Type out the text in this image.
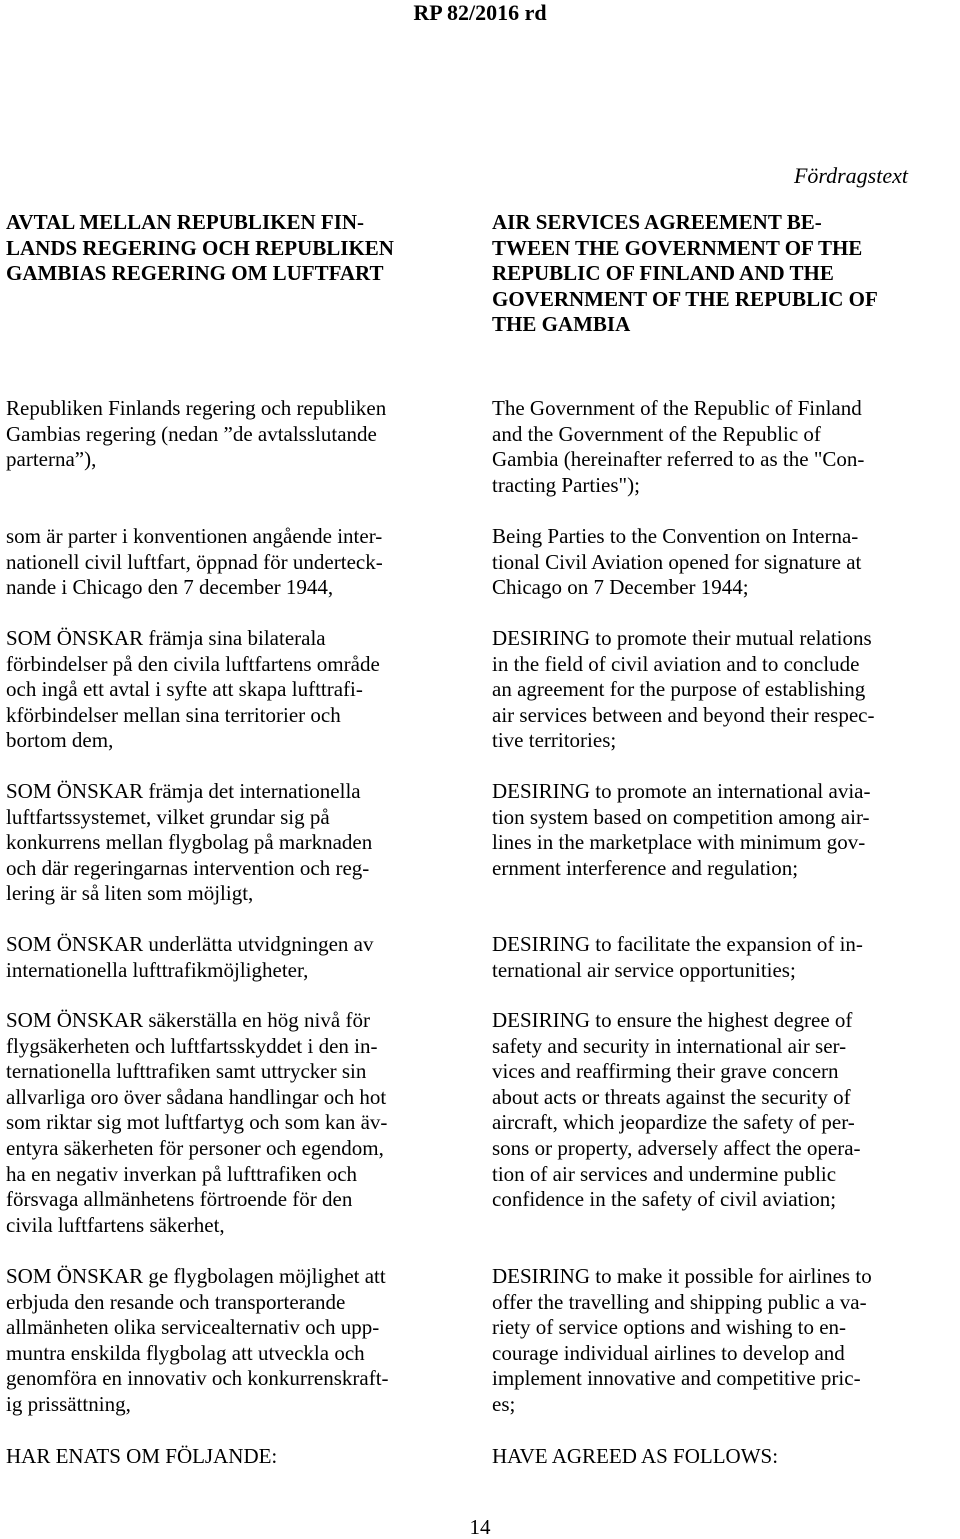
RP 82/2016 rd
Fördragstext

AVTAL MELLAN REPUBLIKEN FIN-
LANDS REGERING OCH REPUBLIKEN
GAMBIAS REGERING OM LUFTFART

Republiken Finlands regering och republiken
Gambias regering (nedan ”de avtalsslutande
parterna”),

som är parter i konventionen angående inter-
nationell civil luftfart, öppnad för underteck-
nande i Chicago den 7 december 1944,

SOM ÖNSKAR främja sina bilaterala
förbindelser på den civila luftfartens område
och ingå ett avtal i syfte att skapa lufttrafi-
kförbindelser mellan sina territorier och
bortom dem,

SOM ÖNSKAR främja det internationella
luftfartssystemet, vilket grundar sig på
konkurrens mellan flygbolag på marknaden
och där regeringarnas intervention och reg-
lering är så liten som möjligt,

SOM ÖNSKAR underlätta utvidgningen av
internationella lufttrafikmöjligheter,

SOM ÖNSKAR säkerställa en hög nivå för
flygsäkerheten och luftfartsskyddet i den in-
ternationella lufttrafiken samt uttrycker sin
allvarliga oro över sådana handlingar och hot
som riktar sig mot luftfartyg och som kan äv-
entyra säkerheten för personer och egendom,
ha en negativ inverkan på lufttrafiken och
försvaga allmänhetens förtroende för den
civila luftfartens säkerhet,

SOM ÖNSKAR ge flygbolagen möjlighet att
erbjuda den resande och transporterande
allmänheten olika servicealternativ och upp-
muntra enskilda flygbolag att utveckla och
genomföra en innovativ och konkurrenskraft-
ig prissättning,

HAR ENATS OM FÖLJANDE:

AIR SERVICES AGREEMENT BE-
TWEEN THE GOVERNMENT OF THE
REPUBLIC OF FINLAND AND THE
GOVERNMENT OF THE REPUBLIC OF
THE GAMBIA

The Government of the Republic of Finland
and the Government of the Republic of
Gambia (hereinafter referred to as the "Con-
tracting Parties");

Being Parties to the Convention on Interna-
tional Civil Aviation opened for signature at
Chicago on 7 December 1944;

DESIRING to promote their mutual relations
in the field of civil aviation and to conclude
an agreement for the purpose of establishing
air services between and beyond their respec-
tive territories;

DESIRING to promote an international avia-
tion system based on competition among air-
lines in the marketplace with minimum gov-
ernment interference and regulation;

DESIRING to facilitate the expansion of in-
ternational air service opportunities;

DESIRING to ensure the highest degree of
safety and security in international air ser-
vices and reaffirming their grave concern
about acts or threats against the security of
aircraft, which jeopardize the safety of per-
sons or property, adversely affect the opera-
tion of air services and undermine public
confidence in the safety of civil aviation;

DESIRING to make it possible for airlines to
offer the travelling and shipping public a va-
riety of service options and wishing to en-
courage individual airlines to develop and
implement innovative and competitive pric-
es;

HAVE AGREED AS FOLLOWS:

14
